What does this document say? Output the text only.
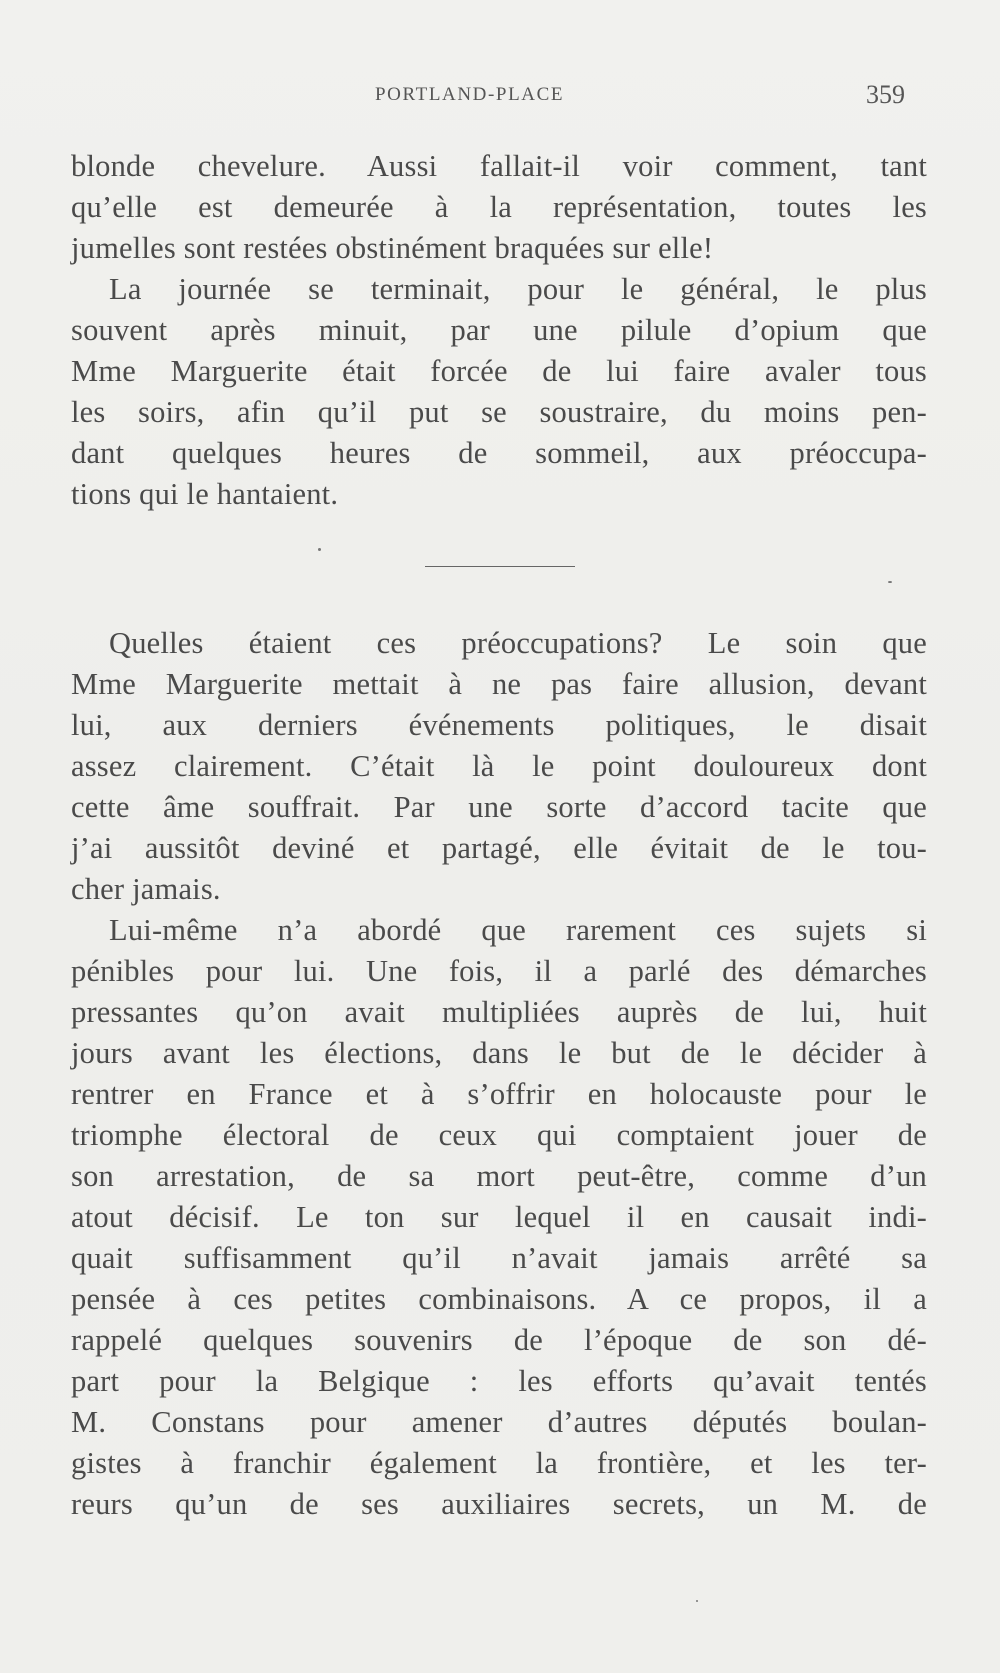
PORTLAND-PLACE	359
blonde chevelure. Aussi fallait-il voir comment, tant
qu’elle est demeurée à la représentation, toutes les
jumelles sont restées obstinément braquées sur elle!
La journée se terminait, pour le général, le plus
souvent après minuit, par une pilule d’opium que
Mme Marguerite était forcée de lui faire avaler tous
les soirs, afin qu’il put se soustraire, du moins pen-
dant quelques heures de sommeil, aux préoccupa-
tions qui le hantaient.
Quelles étaient ces préoccupations? Le soin que
Mme Marguerite mettait à ne pas faire allusion, devant
lui, aux derniers événements politiques, le disait
assez clairement. C’était là le point douloureux dont
cette âme souffrait. Par une sorte d’accord tacite que
j’ai aussitôt deviné et partagé, elle évitait de le tou-
cher jamais.
Lui-même n’a abordé que rarement ces sujets si
pénibles pour lui. Une fois, il a parlé des démarches
pressantes qu’on avait multipliées auprès de lui, huit
jours avant les élections, dans le but de le décider à
rentrer en France et à s’offrir en holocauste pour le
triomphe électoral de ceux qui comptaient jouer de
son arrestation, de sa mort peut-être, comme d’un
atout décisif. Le ton sur lequel il en causait indi-
quait suffisamment qu’il n’avait jamais arrêté sa
pensée à ces petites combinaisons. A ce propos, il a
rappelé quelques souvenirs de l’époque de son dé-
part pour la Belgique : les efforts qu’avait tentés
M. Constans pour amener d’autres députés boulan-
gistes à franchir également la frontière, et les ter-
reurs qu’un de ses auxiliaires secrets, un M. de
